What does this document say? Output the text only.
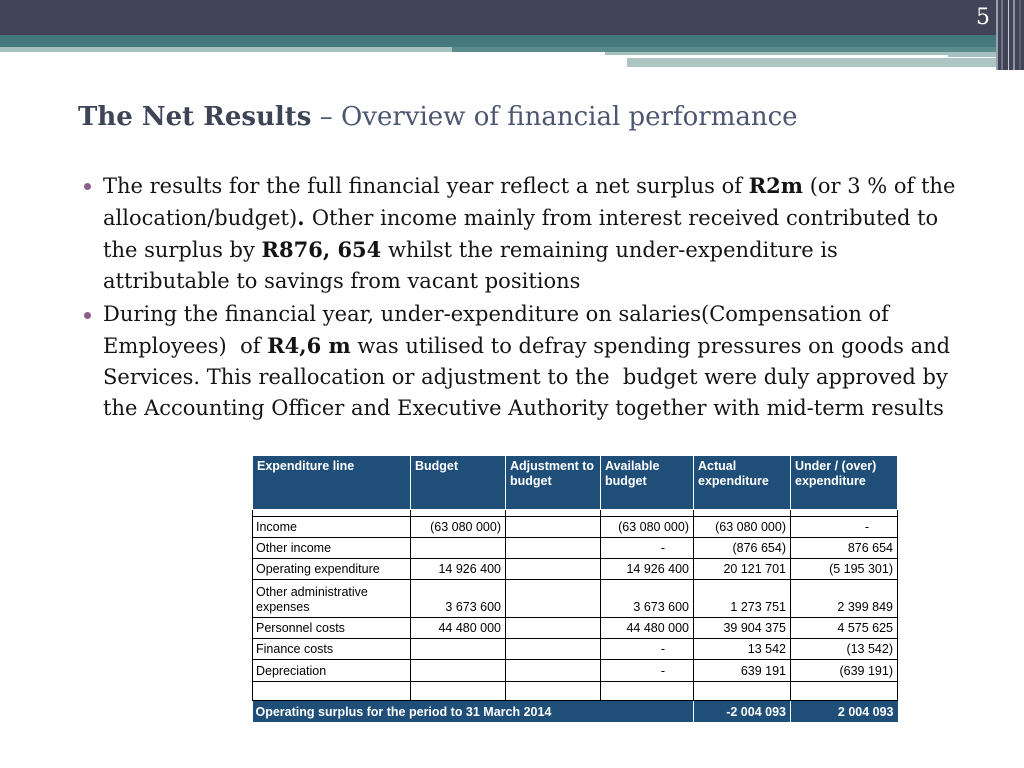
5
The Net Results – Overview of financial performance
The results for the full financial year reflect a net surplus of R2m (or 3 % of the allocation/budget). Other income mainly from interest received contributed to the surplus by R876, 654 whilst the remaining under-expenditure is attributable to savings from vacant positions
During the financial year, under-expenditure on salaries(Compensation of Employees)  of R4,6 m was utilised to defray spending pressures on goods and Services. This reallocation or adjustment to the  budget were duly approved by the Accounting Officer and Executive Authority together with mid-term results
Expenditure line	Budget	Adjustment to budget	Available budget	Actual expenditure	Under / (over) expenditure

Income	(63 080 000)		(63 080 000)	(63 080 000)	-
Other income			-	(876 654)	876 654
Operating expenditure	14 926 400		14 926 400	20 121 701	(5 195 301)
Other administrative expenses	3 673 600		3 673 600	1 273 751	2 399 849
Personnel costs	44 480 000		44 480 000	39 904 375	4 575 625
Finance costs			-	13 542	(13 542)
Depreciation			-	639 191	(639 191)

Operating surplus for the period to 31 March 2014				-2 004 093	2 004 093
